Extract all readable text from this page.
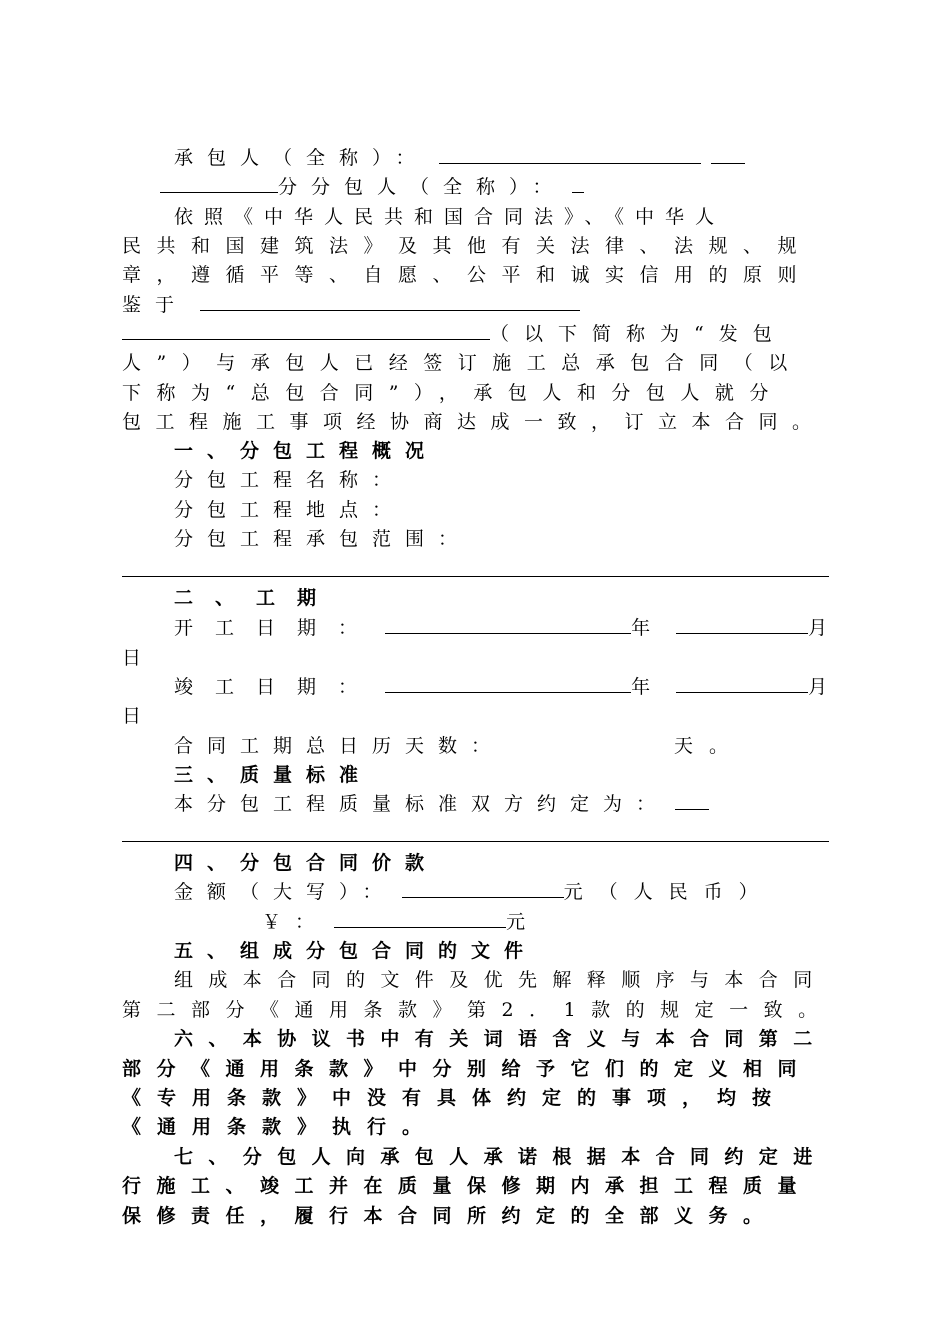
承包人（全称）：
分分包人（全称）：
依照《中华人民共和国合同法》、《中华人
民共和国建筑法》及其他有关法律、法规、规
章，遵循平等、自愿、公平和诚实信用的原则
鉴于
（以下简称为“发包
人”）与承包人已经签订施工总承包合同（以
下称为“总包合同”），承包人和分包人就分
包工程施工事项经协商达成一致，订立本合同。
一、分包工程概况
分包工程名称：
分包工程地点：
分包工程承包范围：
二、工期
开工日期：	年	月
日
竣工日期：	年	月
日
合同工期总日历天数：	天。
三、质量标准
本分包工程质量标准双方约定为：
四、分包合同价款
金额（大写）：	元（人民币）
￥：	元
五、组成分包合同的文件
组成本合同的文件及优先解释顺序与本合同
第二部分《通用条款》第2．1款的规定一致。
六、本协议书中有关词语含义与本合同第二
部分《通用条款》中分别给予它们的定义相同
《专用条款》中没有具体约定的事项，均按
《通用条款》执行。
七、分包人向承包人承诺根据本合同约定进
行施工、竣工并在质量保修期内承担工程质量
保修责任，履行本合同所约定的全部义务。
